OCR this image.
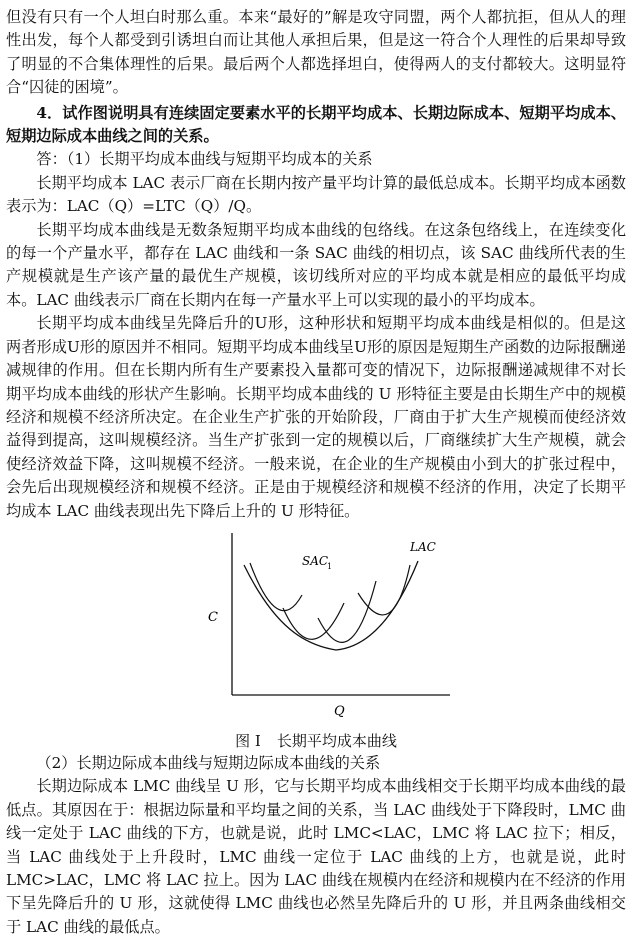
但没有只有一个人坦白时那么重。本来“最好的”解是攻守同盟，两个人都抗拒，但从人的理性出发，每个人都受到引诱坦白而让其他人承担后果，但是这一符合个人理性的后果却导致了明显的不合集体理性的后果。最后两个人都选择坦白，使得两人的支付都较大。这明显符合“囚徒的困境”。

4．试作图说明具有连续固定要素水平的长期平均成本、长期边际成本、短期平均成本、短期边际成本曲线之间的关系。

答：（1）长期平均成本曲线与短期平均成本的关系

长期平均成本 LAC 表示厂商在长期内按产量平均计算的最低总成本。长期平均成本函数表示为：LAC（Q）=LTC（Q）/Q。

长期平均成本曲线是无数条短期平均成本曲线的包络线。在这条包络线上，在连续变化的每一个产量水平，都存在 LAC 曲线和一条 SAC 曲线的相切点，该 SAC 曲线所代表的生产规模就是生产该产量的最优生产规模，该切线所对应的平均成本就是相应的最低平均成本。LAC 曲线表示厂商在长期内在每一产量水平上可以实现的最小的平均成本。

长期平均成本曲线呈先降后升的U形，这种形状和短期平均成本曲线是相似的。但是这两者形成U形的原因并不相同。短期平均成本曲线呈U形的原因是短期生产函数的边际报酬递减规律的作用。但在长期内所有生产要素投入量都可变的情况下，边际报酬递减规律不对长期平均成本曲线的形状产生影响。长期平均成本曲线的 U 形特征主要是由长期生产中的规模经济和规模不经济所决定。在企业生产扩张的开始阶段，厂商由于扩大生产规模而使经济效益得到提高，这叫规模经济。当生产扩张到一定的规模以后，厂商继续扩大生产规模，就会使经济效益下降，这叫规模不经济。一般来说，在企业的生产规模由小到大的扩张过程中，会先后出现规模经济和规模不经济。正是由于规模经济和规模不经济的作用，决定了长期平均成本 LAC 曲线表现出先下降后上升的 U 形特征。

C
Q
LAC
SAC
1

图 I 长期平均成本曲线

（2）长期边际成本曲线与短期边际成本曲线的关系

长期边际成本 LMC 曲线呈 U 形，它与长期平均成本曲线相交于长期平均成本曲线的最低点。其原因在于：根据边际量和平均量之间的关系，当 LAC 曲线处于下降段时，LMC 曲线一定处于 LAC 曲线的下方，也就是说，此时 LMC<LAC，LMC 将 LAC 拉下；相反，当 LAC 曲线处于上升段时，LMC 曲线一定位于 LAC 曲线的上方，也就是说，此时 LMC>LAC，LMC 将 LAC 拉上。因为 LAC 曲线在规模内在经济和规模内在不经济的作用下呈先降后升的 U 形，这就使得 LMC 曲线也必然呈先降后升的 U 形，并且两条曲线相交于 LAC 曲线的最低点。
